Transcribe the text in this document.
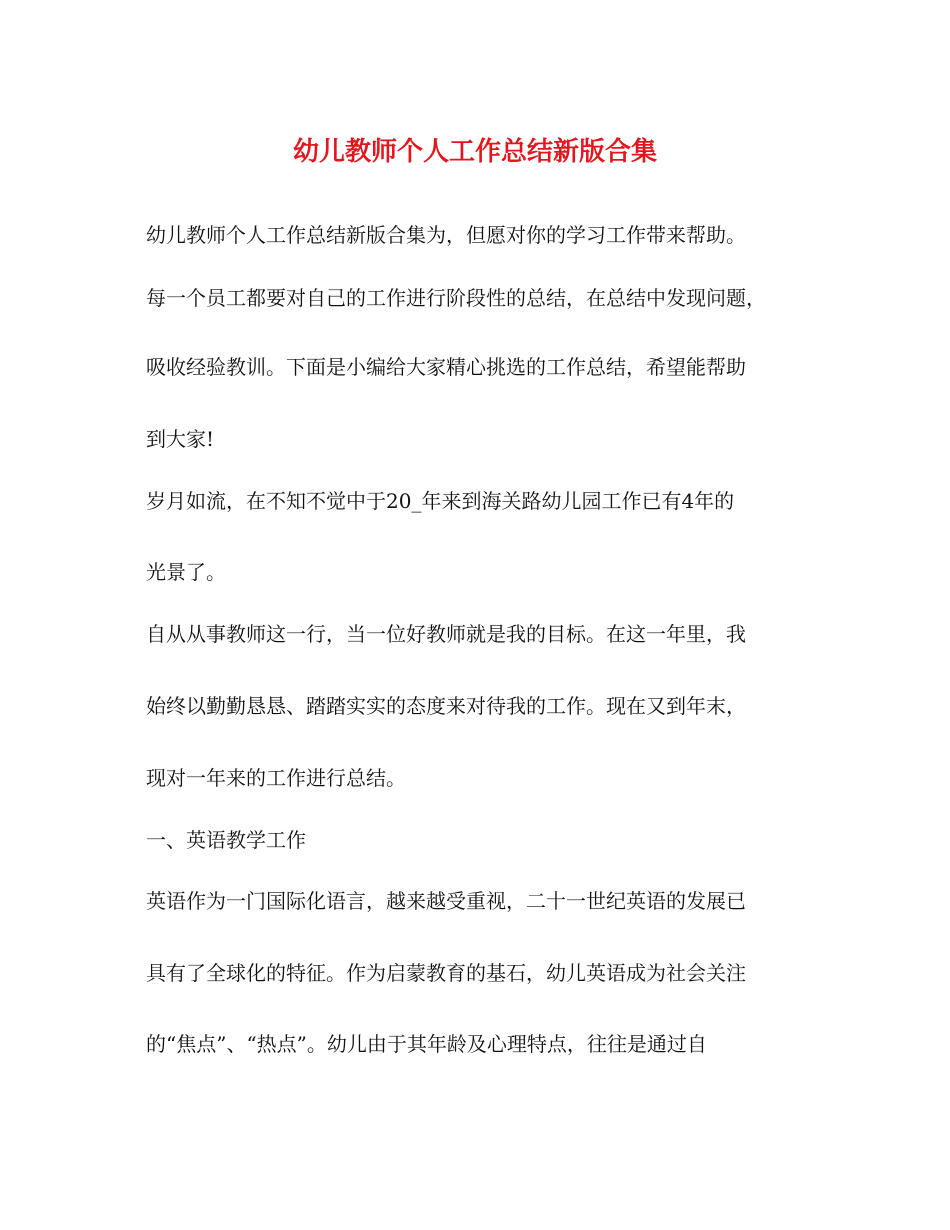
幼儿教师个人工作总结新版合集
幼儿教师个人工作总结新版合集为，但愿对你的学习工作带来帮助。
每一个员工都要对自己的工作进行阶段性的总结，在总结中发现问题，
吸收经验教训。下面是小编给大家精心挑选的工作总结，希望能帮助
到大家!
岁月如流，在不知不觉中于20_年来到海关路幼儿园工作已有4年的
光景了。
自从从事教师这一行，当一位好教师就是我的目标。在这一年里，我
始终以勤勤恳恳、踏踏实实的态度来对待我的工作。现在又到年末，
现对一年来的工作进行总结。
一、英语教学工作
英语作为一门国际化语言，越来越受重视，二十一世纪英语的发展已
具有了全球化的特征。作为启蒙教育的基石，幼儿英语成为社会关注
的“焦点”、“热点”。幼儿由于其年龄及心理特点，往往是通过自
